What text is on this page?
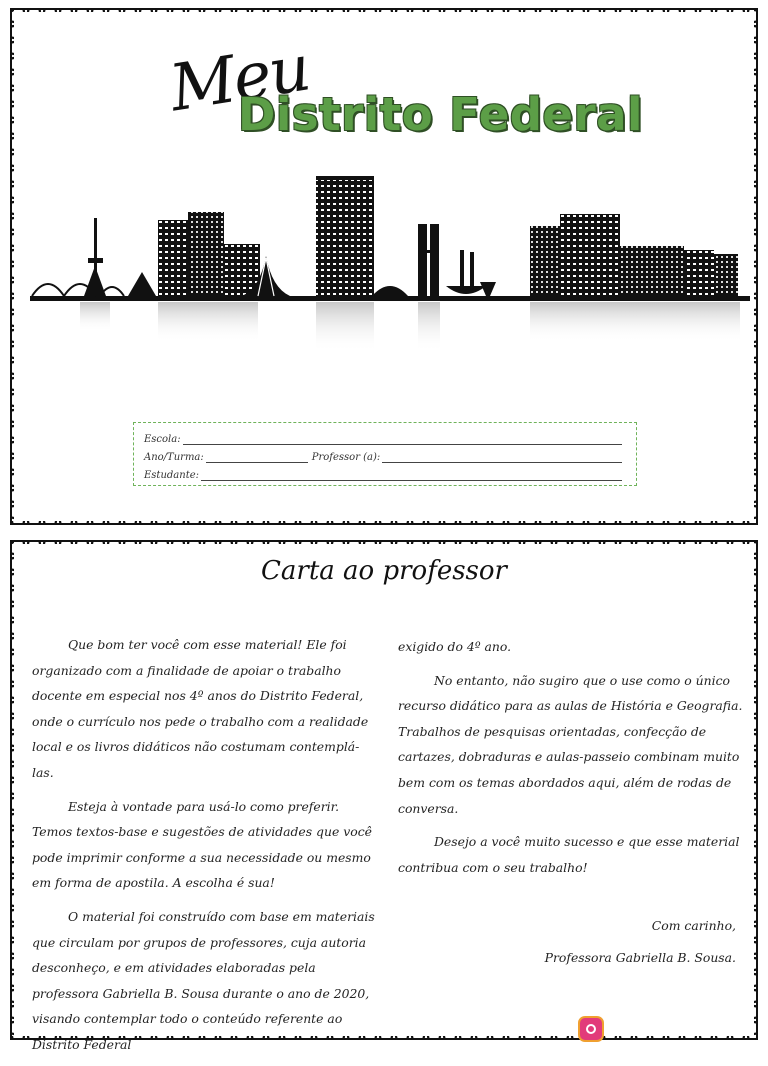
Meu
Distrito Federal
Escola:
Ano/Turma:	Professor (a):
Estudante:
Carta ao professor

Que bom ter você com esse material! Ele foi organizado com a finalidade de apoiar o trabalho docente em especial nos 4º anos do Distrito Federal, onde o currículo nos pede o trabalho com a realidade local e os livros didáticos não costumam contemplá-las.

Esteja à vontade para usá-lo como preferir. Temos textos-base e sugestões de atividades que você pode imprimir conforme a sua necessidade ou mesmo em forma de apostila. A escolha é sua!

O material foi construído com base em materiais que circulam por grupos de professores, cuja autoria desconheço, e em atividades elaboradas pela professora Gabriella B. Sousa durante o ano de 2020, visando contemplar todo o conteúdo referente ao Distrito Federal

exigido do 4º ano.

No entanto, não sugiro que o use como o único recurso didático para as aulas de História e Geografia. Trabalhos de pesquisas orientadas, confecção de cartazes, dobraduras e aulas-passeio combinam muito bem com os temas abordados aqui, além de rodas de conversa.

Desejo a você muito sucesso e que esse material contribua com o seu trabalho!

Com carinho,

Professora Gabriella B. Sousa.
